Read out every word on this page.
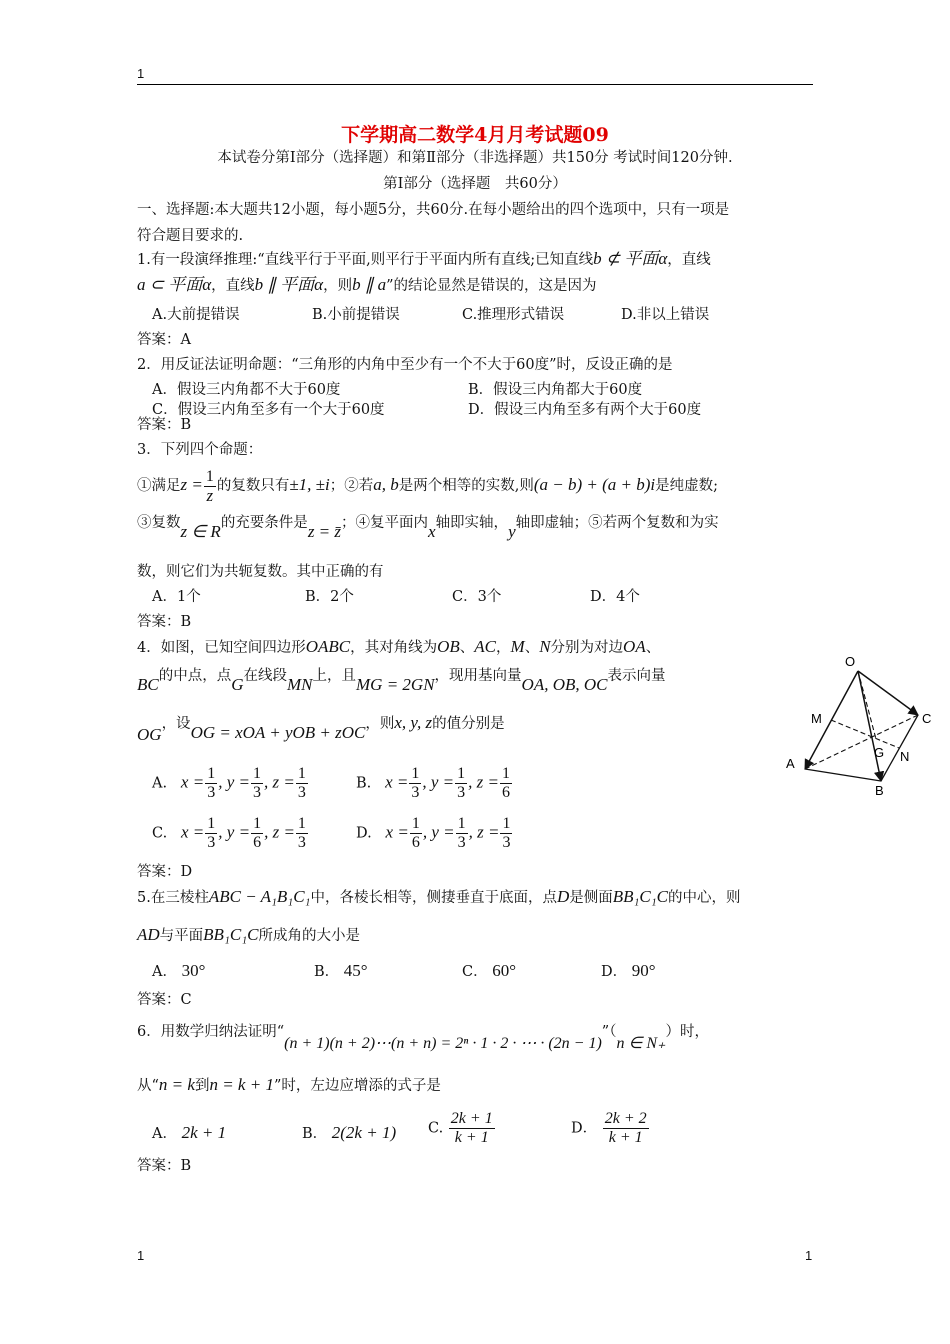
1
下学期高二数学4月月考试题09
本试卷分第Ⅰ部分（选择题）和第Ⅱ部分（非选择题）共150分 考试时间120分钟.
第Ⅰ部分（选择题　共60分）
一、选择题:本大题共12小题，每小题5分，共60分.在每小题给出的四个选项中，只有一项是
符合题目要求的.
1.有一段演绎推理:“直线平行于平面,则平行于平面内所有直线;已知直线b ⊄ 平面α，直线
a ⊂ 平面α，直线b ∥ 平面α，则b ∥ a”的结论显然是错误的，这是因为
A.大前提错误	B.小前提错误	C.推理形式错误	D.非以上错误
答案：A
2．用反证法证明命题：“三角形的内角中至少有一个不大于60度”时，反设正确的是
A．假设三内角都不大于60度	B．假设三内角都大于60度
C．假设三内角至多有一个大于60度	D．假设三内角至多有两个大于60度
答案：B
3．下列四个命题：
①满足$z = \frac{1}{z}$ 的复数只有±1, ±i；②若a, b是两个相等的实数,则(a − b) + (a + b)i是纯虚数;
③复数z ∈ R的充要条件是z = z̄；④复平面内x轴即实轴，y轴即虚轴；⑤若两个复数和为实
数，则它们为共轭复数。其中正确的有
A．1个	B．2个	C．3个	D．4个
答案：B
4．如图，已知空间四边形OABC，其对角线为OB、AC，M、N分别为对边OA、
BC的中点，点G在线段MN上，且MG = 2GN，现用基向量OA, OB, OC表示向量
OG，设OG = xOA + yOB + zOC，则x, y, z的值分别是
A. $x = \frac{1}{3}$ , $y = \frac{1}{3}$ , $z = \frac{1}{3}$	B. $x = \frac{1}{3}$ , $y = \frac{1}{3}$ , $z = \frac{1}{6}$
C. $x = \frac{1}{3}$ , $y = \frac{1}{6}$ , $z = \frac{1}{3}$	D. $x = \frac{1}{6}$ , $y = \frac{1}{3}$ , $z = \frac{1}{3}$
答案：D
O
M	C
G N
A
B
5.在三棱柱ABC − A₁B₁C₁中，各棱长相等，侧捿垂直于底面，点D是侧面BB₁C₁C的中心，则
AD与平面BB₁C₁C所成角的大小是
A． 30°	B． 45°	C． 60°	D． 90°
答案：C
6．用数学归纳法证明“(n + 1)(n + 2)⋯(n + n) = 2ⁿ · 1 · 2 · ⋯ · (2n − 1)”（n ∈ N₊）时，
从“n = k到n = k + 1”时，左边应增添的式子是
A． 2k + 1	B． 2(2k + 1) C. $\frac{2k + 1}{k + 1}$	D． $\frac{2k + 2}{k + 1}$
答案：B
1	1
